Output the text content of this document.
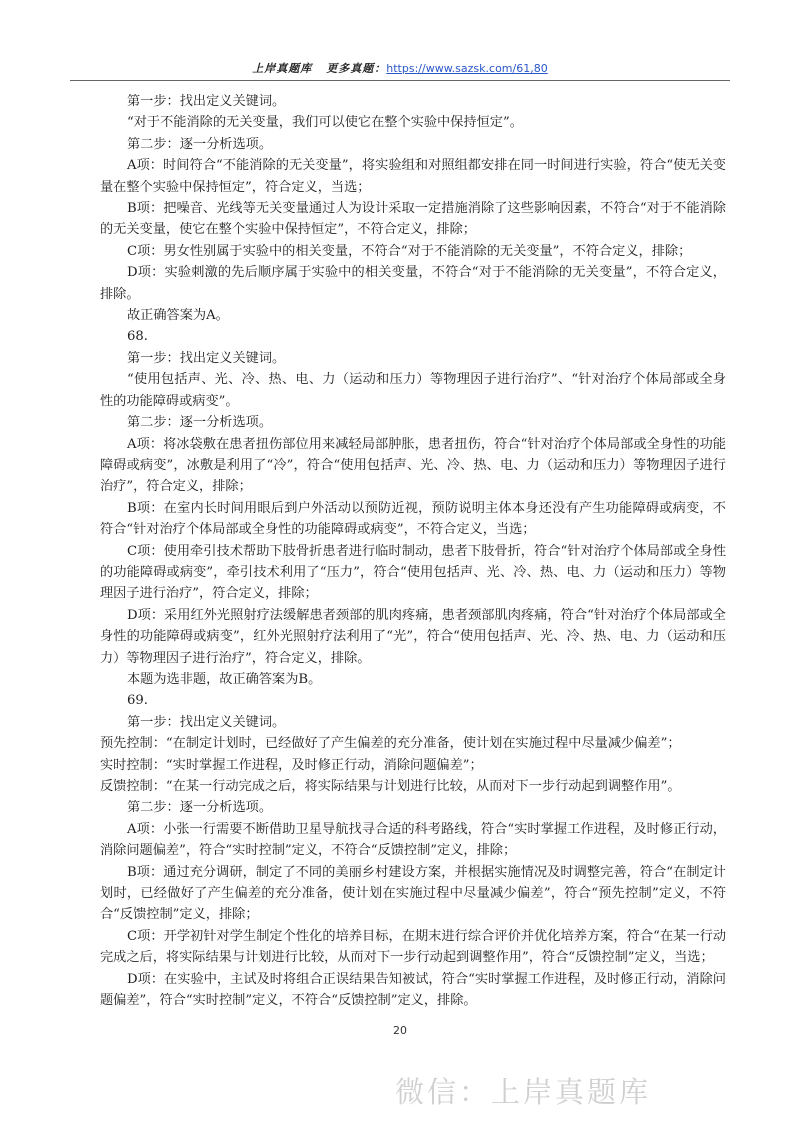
上岸真题库 更多真题：https://www.sazsk.com/61,80

第一步：找出定义关键词。

“对于不能消除的无关变量，我们可以使它在整个实验中保持恒定”。

第二步：逐一分析选项。

A项：时间符合“不能消除的无关变量”，将实验组和对照组都安排在同一时间进行实验，符合“使无关变量在整个实验中保持恒定”，符合定义，当选；

B项：把噪音、光线等无关变量通过人为设计采取一定措施消除了这些影响因素，不符合“对于不能消除的无关变量，使它在整个实验中保持恒定”，不符合定义，排除；

C项：男女性别属于实验中的相关变量，不符合“对于不能消除的无关变量”，不符合定义，排除；

D项：实验刺激的先后顺序属于实验中的相关变量，不符合“对于不能消除的无关变量”，不符合定义，排除。

故正确答案为A。

68.

第一步：找出定义关键词。

“使用包括声、光、冷、热、电、力（运动和压力）等物理因子进行治疗”、“针对治疗个体局部或全身性的功能障碍或病变”。

第二步：逐一分析选项。

A项：将冰袋敷在患者扭伤部位用来减轻局部肿胀，患者扭伤，符合“针对治疗个体局部或全身性的功能障碍或病变”，冰敷是利用了“冷”，符合“使用包括声、光、冷、热、电、力（运动和压力）等物理因子进行治疗”，符合定义，排除；

B项：在室内长时间用眼后到户外活动以预防近视，预防说明主体本身还没有产生功能障碍或病变，不符合“针对治疗个体局部或全身性的功能障碍或病变”，不符合定义，当选；

C项：使用牵引技术帮助下肢骨折患者进行临时制动，患者下肢骨折，符合“针对治疗个体局部或全身性的功能障碍或病变”，牵引技术利用了“压力”，符合“使用包括声、光、冷、热、电、力（运动和压力）等物理因子进行治疗”，符合定义，排除；

D项：采用红外光照射疗法缓解患者颈部的肌肉疼痛，患者颈部肌肉疼痛，符合“针对治疗个体局部或全身性的功能障碍或病变”，红外光照射疗法利用了“光”，符合“使用包括声、光、冷、热、电、力（运动和压力）等物理因子进行治疗”，符合定义，排除。

本题为选非题，故正确答案为B。

69.

第一步：找出定义关键词。

预先控制：“在制定计划时，已经做好了产生偏差的充分准备，使计划在实施过程中尽量减少偏差”；

实时控制：“实时掌握工作进程，及时修正行动，消除问题偏差”；

反馈控制：“在某一行动完成之后，将实际结果与计划进行比较，从而对下一步行动起到调整作用”。

第二步：逐一分析选项。

A项：小张一行需要不断借助卫星导航找寻合适的科考路线，符合“实时掌握工作进程，及时修正行动，消除问题偏差”，符合“实时控制”定义，不符合“反馈控制”定义，排除；

B项：通过充分调研，制定了不同的美丽乡村建设方案，并根据实施情况及时调整完善，符合“在制定计划时，已经做好了产生偏差的充分准备，使计划在实施过程中尽量减少偏差”，符合“预先控制”定义，不符合“反馈控制”定义，排除；

C项：开学初针对学生制定个性化的培养目标，在期末进行综合评价并优化培养方案，符合“在某一行动完成之后，将实际结果与计划进行比较，从而对下一步行动起到调整作用”，符合“反馈控制”定义，当选；

D项：在实验中，主试及时将组合正误结果告知被试，符合“实时掌握工作进程，及时修正行动，消除问题偏差”，符合“实时控制”定义，不符合“反馈控制”定义，排除。

20
微信：上岸真题库
